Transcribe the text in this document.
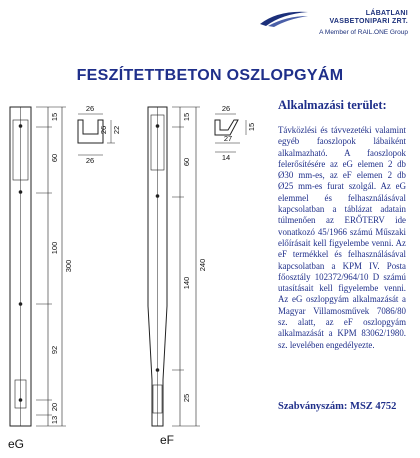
LÁBATLANI
VASBETONIPARI ZRT.
A Member of RAIL.ONE Group
FESZÍTETTBETON OSZLOPGYÁM
15
60
100
300
92
20
13
26
26 22
26
15
60
240
140
25
26
15
27
14
eG	eF
Alkalmazási terület:
Távközlési és távvezetéki valamint egyéb faoszlopok lábaiként alkalmazható. A faoszlopok felerősítésére az eG elemen 2 db Ø30 mm-es, az eF elemen 2 db Ø25 mm-es furat szolgál. Az eG elemmel és felhasználásával kapcsolatban a táblázat adatain túlmenően az ERŐTERV ide vonatkozó 45/1966 számú Műszaki előírásait kell figyelembe venni. Az eF termékkel és felhasználásával kapcsolatban a KPM IV. Posta főosztály 102372/964/10 D számú utasításait kell figyelembe venni. Az eG oszlopgyám alkalmazását a Magyar Villamosművek 7086/80 sz. alatt, az eF oszlopgyám alkalmazását a KPM 83062/1980. sz. levelében engedélyezte.
Szabványszám: MSZ 4752
